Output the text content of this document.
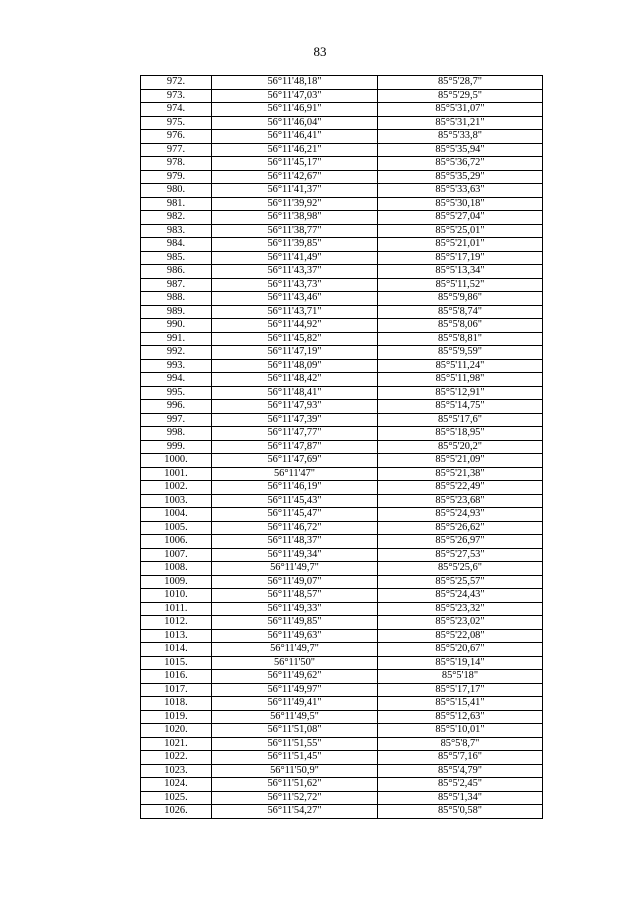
83
972.	56°11'48,18"	85°5'28,7"
973.	56°11'47,03"	85°5'29,5"
974.	56°11'46,91"	85°5'31,07"
975.	56°11'46,04"	85°5'31,21"
976.	56°11'46,41"	85°5'33,8"
977.	56°11'46,21"	85°5'35,94"
978.	56°11'45,17"	85°5'36,72"
979.	56°11'42,67"	85°5'35,29"
980.	56°11'41,37"	85°5'33,63"
981.	56°11'39,92"	85°5'30,18"
982.	56°11'38,98"	85°5'27,04"
983.	56°11'38,77"	85°5'25,01"
984.	56°11'39,85"	85°5'21,01"
985.	56°11'41,49"	85°5'17,19"
986.	56°11'43,37"	85°5'13,34"
987.	56°11'43,73"	85°5'11,52"
988.	56°11'43,46"	85°5'9,86"
989.	56°11'43,71"	85°5'8,74"
990.	56°11'44,92"	85°5'8,06"
991.	56°11'45,82"	85°5'8,81"
992.	56°11'47,19"	85°5'9,59"
993.	56°11'48,09"	85°5'11,24"
994.	56°11'48,42"	85°5'11,98"
995.	56°11'48,41"	85°5'12,91"
996.	56°11'47,93"	85°5'14,75"
997.	56°11'47,39"	85°5'17,6"
998.	56°11'47,77"	85°5'18,95"
999.	56°11'47,87"	85°5'20,2"
1000.	56°11'47,69"	85°5'21,09"
1001.	56°11'47"	85°5'21,38"
1002.	56°11'46,19"	85°5'22,49"
1003.	56°11'45,43"	85°5'23,68"
1004.	56°11'45,47"	85°5'24,93"
1005.	56°11'46,72"	85°5'26,62"
1006.	56°11'48,37"	85°5'26,97"
1007.	56°11'49,34"	85°5'27,53"
1008.	56°11'49,7"	85°5'25,6"
1009.	56°11'49,07"	85°5'25,57"
1010.	56°11'48,57"	85°5'24,43"
1011.	56°11'49,33"	85°5'23,32"
1012.	56°11'49,85"	85°5'23,02"
1013.	56°11'49,63"	85°5'22,08"
1014.	56°11'49,7"	85°5'20,67"
1015.	56°11'50"	85°5'19,14"
1016.	56°11'49,62"	85°5'18"
1017.	56°11'49,97"	85°5'17,17"
1018.	56°11'49,41"	85°5'15,41"
1019.	56°11'49,5"	85°5'12,63"
1020.	56°11'51,08"	85°5'10,01"
1021.	56°11'51,55"	85°5'8,7"
1022.	56°11'51,45"	85°5'7,16"
1023.	56°11'50,9"	85°5'4,79"
1024.	56°11'51,62"	85°5'2,45"
1025.	56°11'52,72"	85°5'1,34"
1026.	56°11'54,27"	85°5'0,58"
